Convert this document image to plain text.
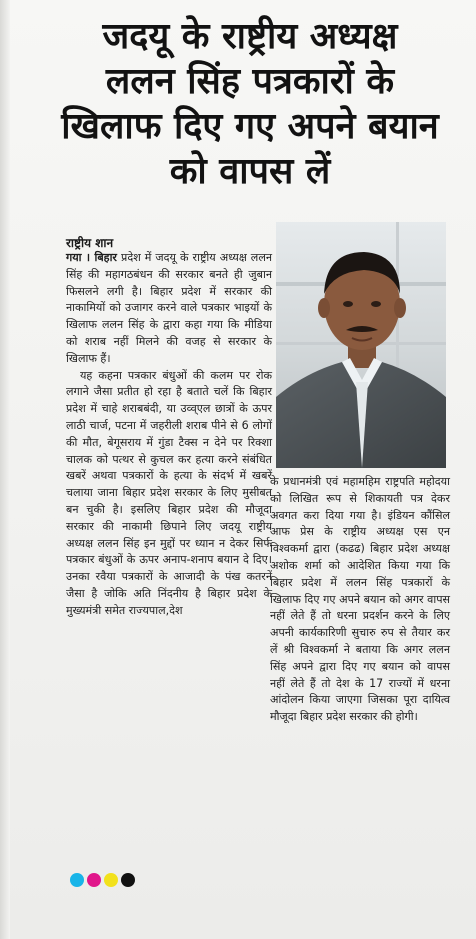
जदयू के राष्ट्रीय अध्यक्ष
ललन सिंह पत्रकारों के
खिलाफ दिए गए अपने बयान
को वापस लें
राष्ट्रीय शान

गया । बिहार प्रदेश में जदयू के राष्ट्रीय अध्यक्ष ललन सिंह की महागठबंधन की सरकार बनते ही जुबान फिसलने लगी है। बिहार प्रदेश में सरकार की नाकामियों को उजागर करने वाले पत्रकार भाइयों के खिलाफ ललन सिंह के द्वारा कहा गया कि मीडिया को शराब नहीं मिलने की वजह से सरकार के खिलाफ हैं।

यह कहना पत्रकार बंधुओं की कलम पर रोक लगाने जैसा प्रतीत हो रहा है बताते चलें कि बिहार प्रदेश में चाहे शराबबंदी, या उव्व्एल छात्रों के ऊपर लाठी चार्ज, पटना में जहरीली शराब पीने से 6 लोगों की मौत, बेगूसराय में गुंडा टैक्स न देने पर रिक्शा चालक को पत्थर से कुचल कर हत्या करने संबंधित खबरें अथवा पत्रकारों के हत्या के संदर्भ में खबरें चलाया जाना बिहार प्रदेश सरकार के लिए मुसीबत बन चुकी है। इसलिए बिहार प्रदेश की मौजूदा सरकार की नाकामी छिपाने लिए जदयू राष्ट्रीय अध्यक्ष ललन सिंह इन मुद्दों पर ध्यान न देकर सिर्फ पत्रकार बंधुओं के ऊपर अनाप-शनाप बयान दे दिए।उनका रवैया पत्रकारों के आजादी के पंख कतरनें जैसा है जोकि अति निंदनीय है बिहार प्रदेश के मुख्यमंत्री समेत राज्यपाल,देश

के प्रधानमंत्री एवं महामहिम राष्ट्रपति महोदया को लिखित रूप से शिकायती पत्र देकर अवगत करा दिया गया है। इंडियन कौंसिल आफ प्रेस के राष्ट्रीय अध्यक्ष एस एन विश्वकर्मा द्वारा (कढढ) बिहार प्रदेश अध्यक्ष अशोक शर्मा को आदेशित किया गया कि बिहार प्रदेश में ललन सिंह पत्रकारों के खिलाफ दिए गए अपने बयान को अगर वापस नहीं लेते हैं तो धरना प्रदर्शन करने के लिए अपनी कार्यकारिणी सुचारु रुप से तैयार कर लें श्री विश्वकर्मा ने बताया कि अगर ललन सिंह अपने द्वारा दिए गए बयान को वापस नहीं लेते हैं तो देश के 17 राज्यों में धरना आंदोलन किया जाएगा जिसका पूरा दायित्व मौजूदा बिहार प्रदेश सरकार की होगी।
